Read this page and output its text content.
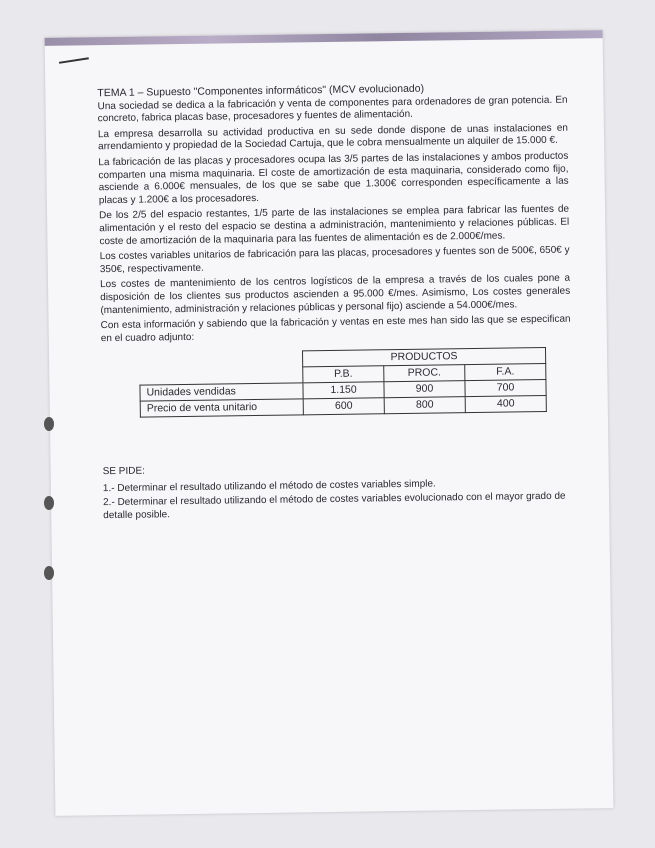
TEMA 1 – Supuesto "Componentes informáticos" (MCV evolucionado)

Una sociedad se dedica a la fabricación y venta de componentes para ordenadores de gran potencia. En concreto, fabrica placas base, procesadores y fuentes de alimentación.

La empresa desarrolla su actividad productiva en su sede donde dispone de unas instalaciones en arrendamiento y propiedad de la Sociedad Cartuja, que le cobra mensualmente un alquiler de 15.000 €.

La fabricación de las placas y procesadores ocupa las 3/5 partes de las instalaciones y ambos productos comparten una misma maquinaria. El coste de amortización de esta maquinaria, considerado como fijo, asciende a 6.000€ mensuales, de los que se sabe que 1.300€ corresponden específicamente a las placas y 1.200€ a los procesadores.

De los 2/5 del espacio restantes, 1/5 parte de las instalaciones se emplea para fabricar las fuentes de alimentación y el resto del espacio se destina a administración, mantenimiento y relaciones públicas. El coste de amortización de la maquinaria para las fuentes de alimentación es de 2.000€/mes.

Los costes variables unitarios de fabricación para las placas, procesadores y fuentes son de 500€, 650€ y 350€, respectivamente.

Los costes de mantenimiento de los centros logísticos de la empresa a través de los cuales pone a disposición de los clientes sus productos ascienden a 95.000 €/mes. Asimismo, Los costes generales (mantenimiento, administración y relaciones públicas y personal fijo) asciende a 54.000€/mes.

Con esta información y sabiendo que la fabricación y ventas en este mes han sido las que se especifican en el cuadro adjunto:

	PRODUCTOS		
	P.B.	PROC.	F.A.
Unidades vendidas	1.150	900	700
Precio de venta unitario	600	800	400

SE PIDE:

1.- Determinar el resultado utilizando el método de costes variables simple.

2.- Determinar el resultado utilizando el método de costes variables evolucionado con el mayor grado de detalle posible.
